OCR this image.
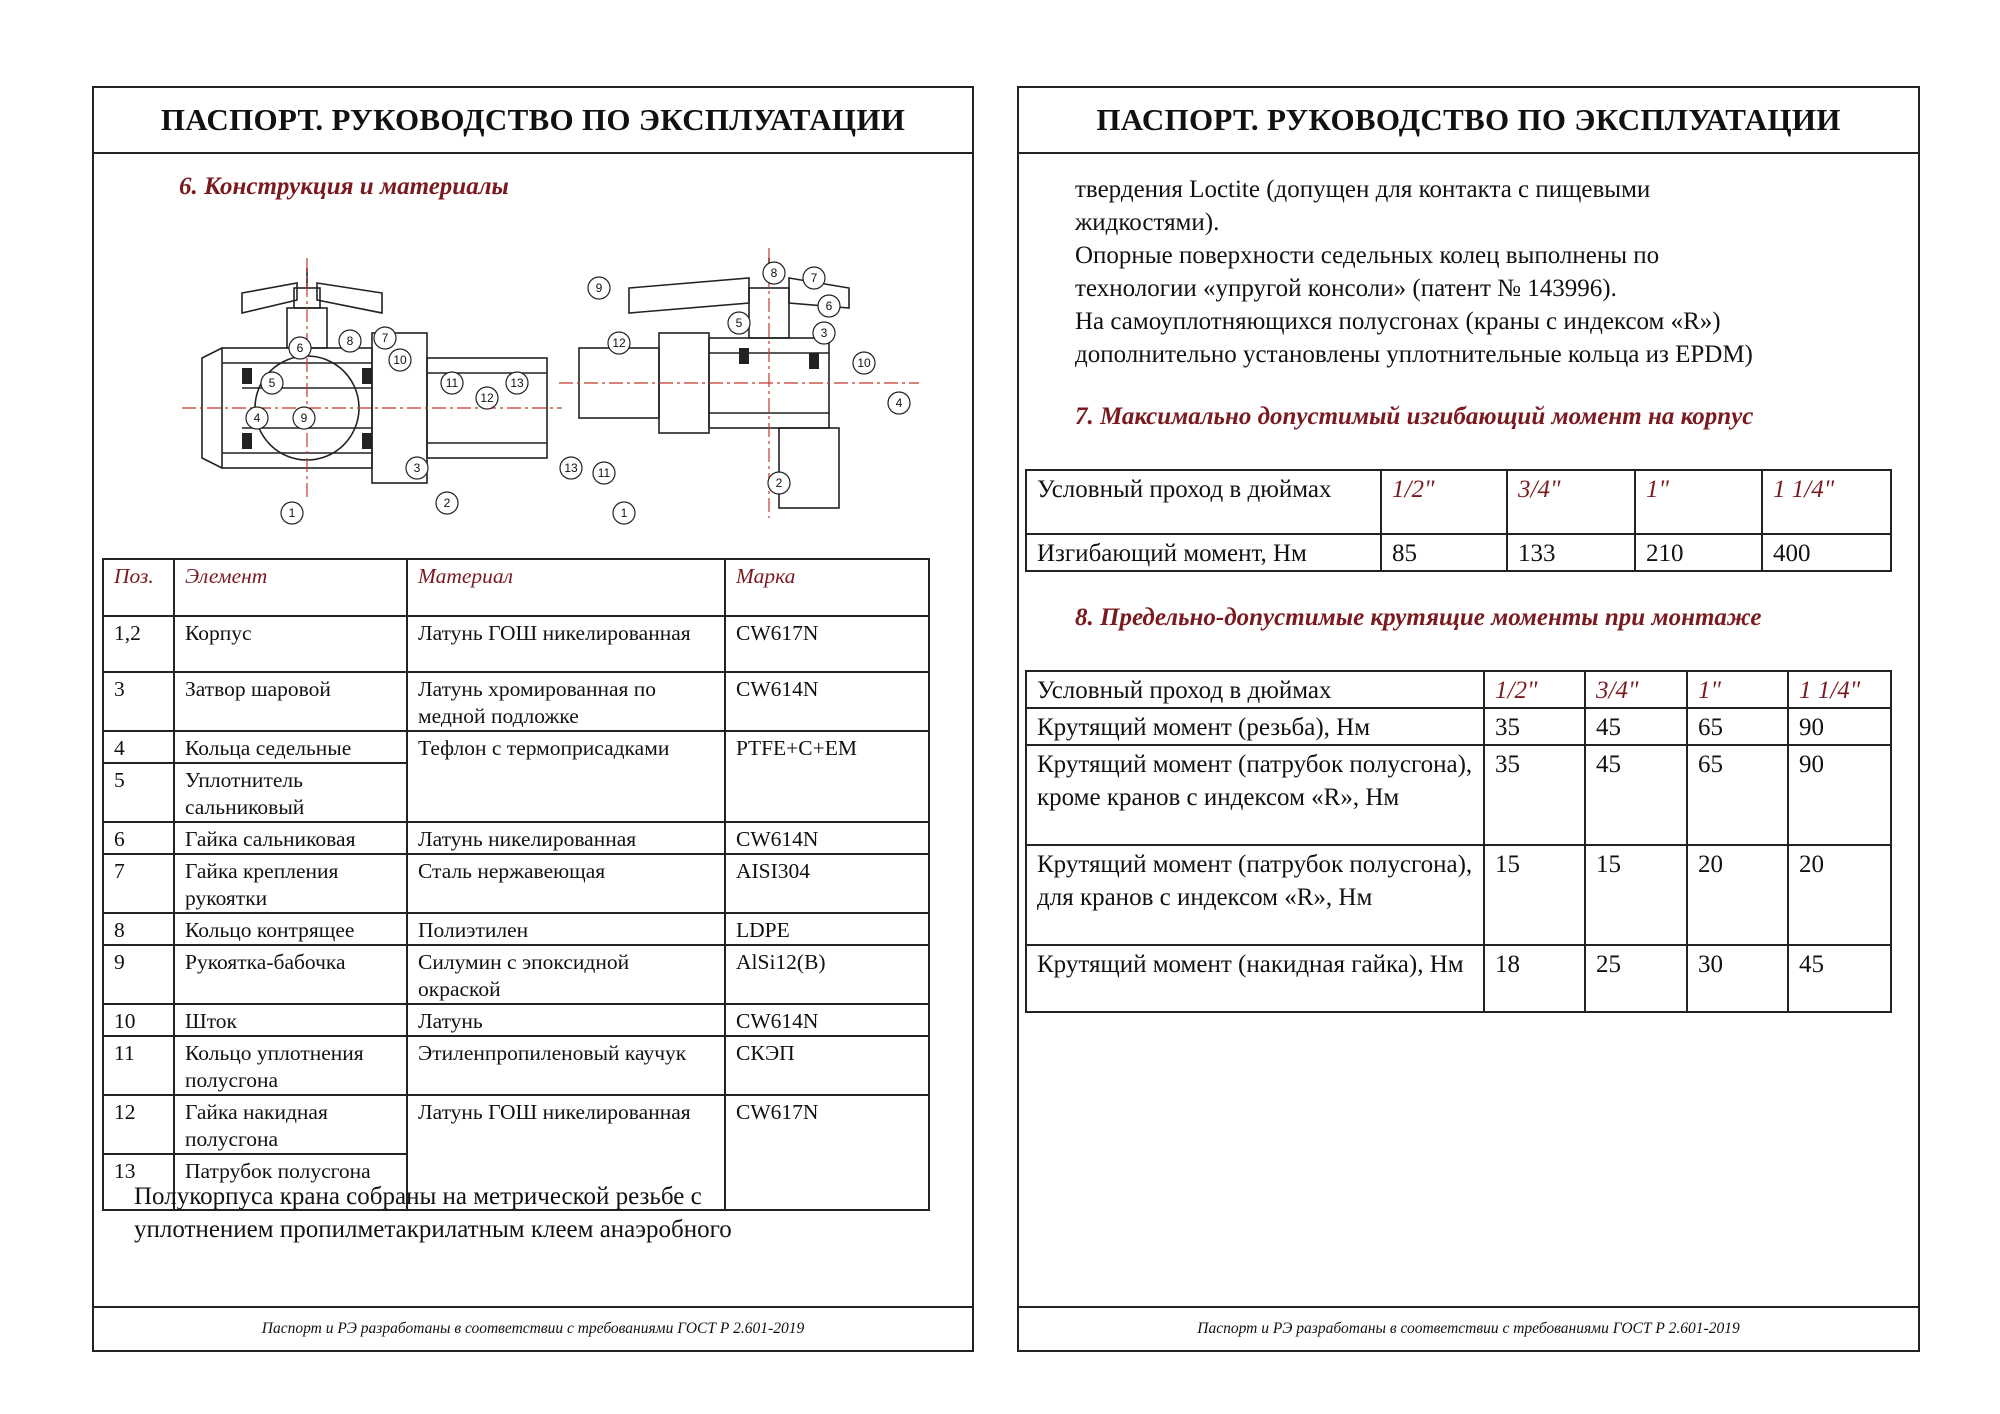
ПАСПОРТ. РУКОВОДСТВО ПО ЭКСПЛУАТАЦИИ
6. Конструкция и материалы
1
2
3
4
5
6
7
8
9
10
11
12
13
1
2
3
4
5
6
7
8
9
10
11
12
13
Поз.	Элемент	Материал	Марка
1,2	Корпус	Латунь ГОШ никелированная	CW617N
3	Затвор шаровой	Латунь хромированная по медной подложке	CW614N
4	Кольца седельные	Тефлон с термоприсадками	PTFE+C+EM
5	Уплотнитель сальниковый		
6	Гайка сальниковая	Латунь никелированная	CW614N
7	Гайка крепления рукоятки	Сталь нержавеющая	AISI304
8	Кольцо контрящее	Полиэтилен	LDPE
9	Рукоятка-бабочка	Силумин с эпоксидной окраской	AlSi12(B)
10	Шток	Латунь	CW614N
11	Кольцо уплотнения полусгона	Этиленпропиленовый каучук	СКЭП
12	Гайка накидная полусгона	Латунь ГОШ никелированная	CW617N
13	Патрубок полусгона		
Полукорпуса крана собраны на метрической резьбе с
уплотнением пропилметакрилатным клеем анаэробного
Паспорт и РЭ разработаны в соответствии с требованиями ГОСТ Р 2.601-2019
ПАСПОРТ. РУКОВОДСТВО ПО ЭКСПЛУАТАЦИИ
твердения Loctite (допущен для контакта с пищевыми
жидкостями).
Опорные поверхности седельных колец выполнены по
технологии «упругой консоли» (патент № 143996).
На самоуплотняющихся полусгонах (краны с индексом «R»)
дополнительно установлены уплотнительные кольца из EPDM)
7. Максимально допустимый изгибающий момент на корпус
Условный проход в дюймах	1/2"	3/4"	1"	1 1/4"
Изгибающий момент, Нм	85	133	210	400
8. Предельно-допустимые крутящие моменты при монтаже
Условный проход в дюймах	1/2"	3/4"	1"	1 1/4"
Крутящий момент (резьба), Нм	35	45	65	90
Крутящий момент (патрубок полусгона), кроме кранов с индексом «R», Нм	35	45	65	90
Крутящий момент (патрубок полусгона), для кранов с индексом «R», Нм	15	15	20	20
Крутящий момент (накидная гайка), Нм	18	25	30	45
Паспорт и РЭ разработаны в соответствии с требованиями ГОСТ Р 2.601-2019
